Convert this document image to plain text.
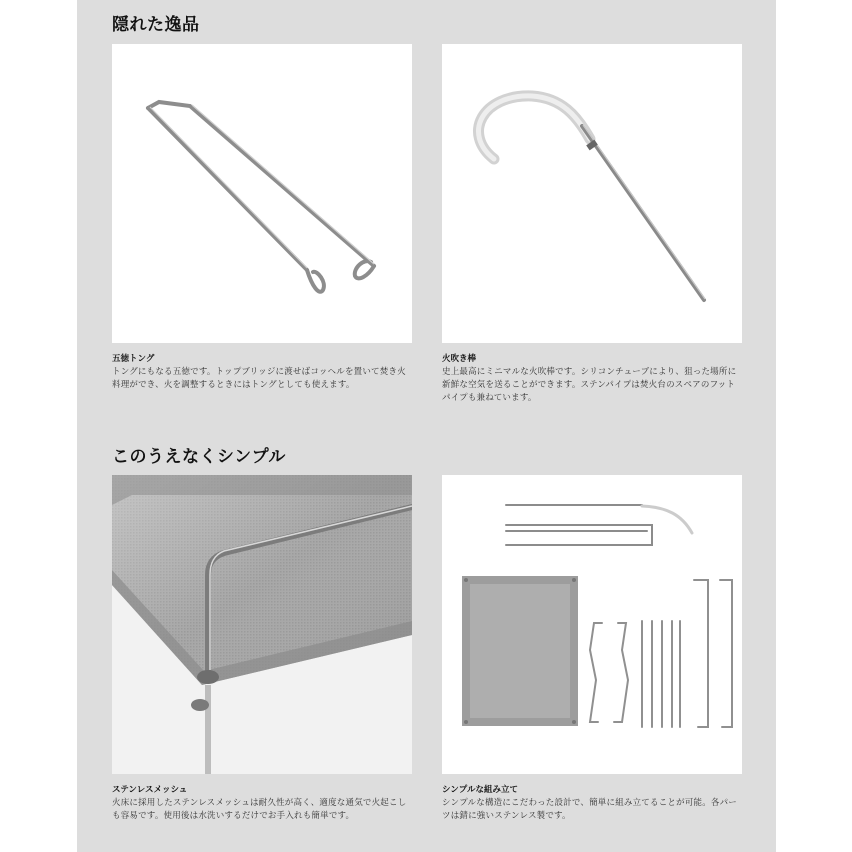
隠れた逸品
五徳トング
トングにもなる五徳です。トップブリッジに渡せばコッヘルを置いて焚き火料理ができ、火を調整するときにはトングとしても使えます。
火吹き棒
史上最高にミニマルな火吹棒です。シリコンチューブにより、狙った場所に新鮮な空気を送ることができます。ステンパイプは焚火台のスペアのフットパイプも兼ねています。
このうえなくシンプル
ステンレスメッシュ
火床に採用したステンレスメッシュは耐久性が高く、適度な通気で火起こしも容易です。使用後は水洗いするだけでお手入れも簡単です。
シンプルな組み立て
シンプルな構造にこだわった設計で、簡単に組み立てることが可能。各パーツは錆に強いステンレス製です。
